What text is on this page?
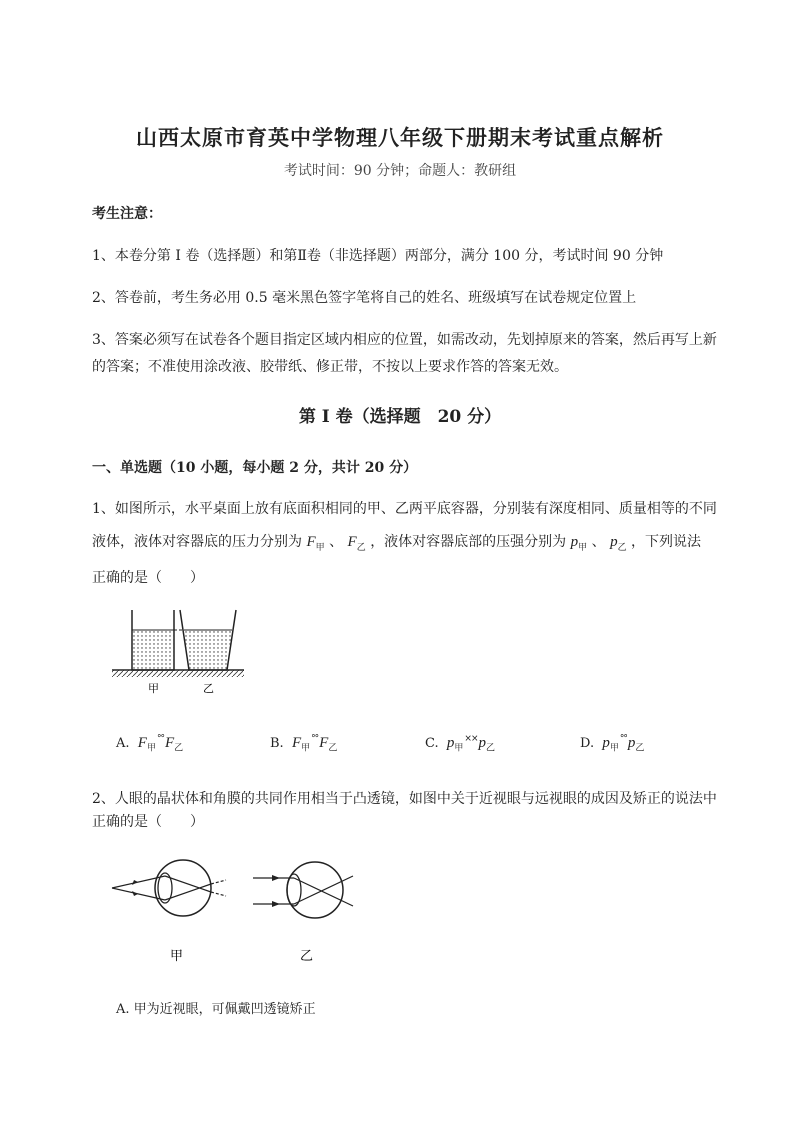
山西太原市育英中学物理八年级下册期末考试重点解析
考试时间：90 分钟；命题人：教研组
考生注意：
1、本卷分第 I 卷（选择题）和第Ⅱ卷（非选择题）两部分，满分 100 分，考试时间 90 分钟
2、答卷前，考生务必用 0.5 毫米黑色签字笔将自己的姓名、班级填写在试卷规定位置上
3、答案必须写在试卷各个题目指定区域内相应的位置，如需改动，先划掉原来的答案，然后再写上新
的答案；不准使用涂改液、胶带纸、修正带，不按以上要求作答的答案无效。
第 I 卷（选择题　20 分）
一、单选题（10 小题，每小题 2 分，共计 20 分）
1、如图所示，水平桌面上放有底面积相同的甲、乙两平底容器，分别装有深度相同、质量相等的不同
液体，液体对容器底的压力分别为 $F_甲$ 、 $F_乙$ ，液体对容器底部的压强分别为 $p_甲$ 、 $p_乙$ ，下列说法
正确的是（　　）
甲	乙
A. $F_甲^{^\circ^\circ}F_乙$	B. $F_甲^{^\circ^\circ}F_乙$	C. $p_甲^{\times\times}p_乙$	D. $p_甲^{^\circ^\circ}p_乙$
2、人眼的晶状体和角膜的共同作用相当于凸透镜，如图中关于近视眼与远视眼的成因及矫正的说法中
正确的是（　　）
甲	乙
A. 甲为近视眼，可佩戴凹透镜矫正
